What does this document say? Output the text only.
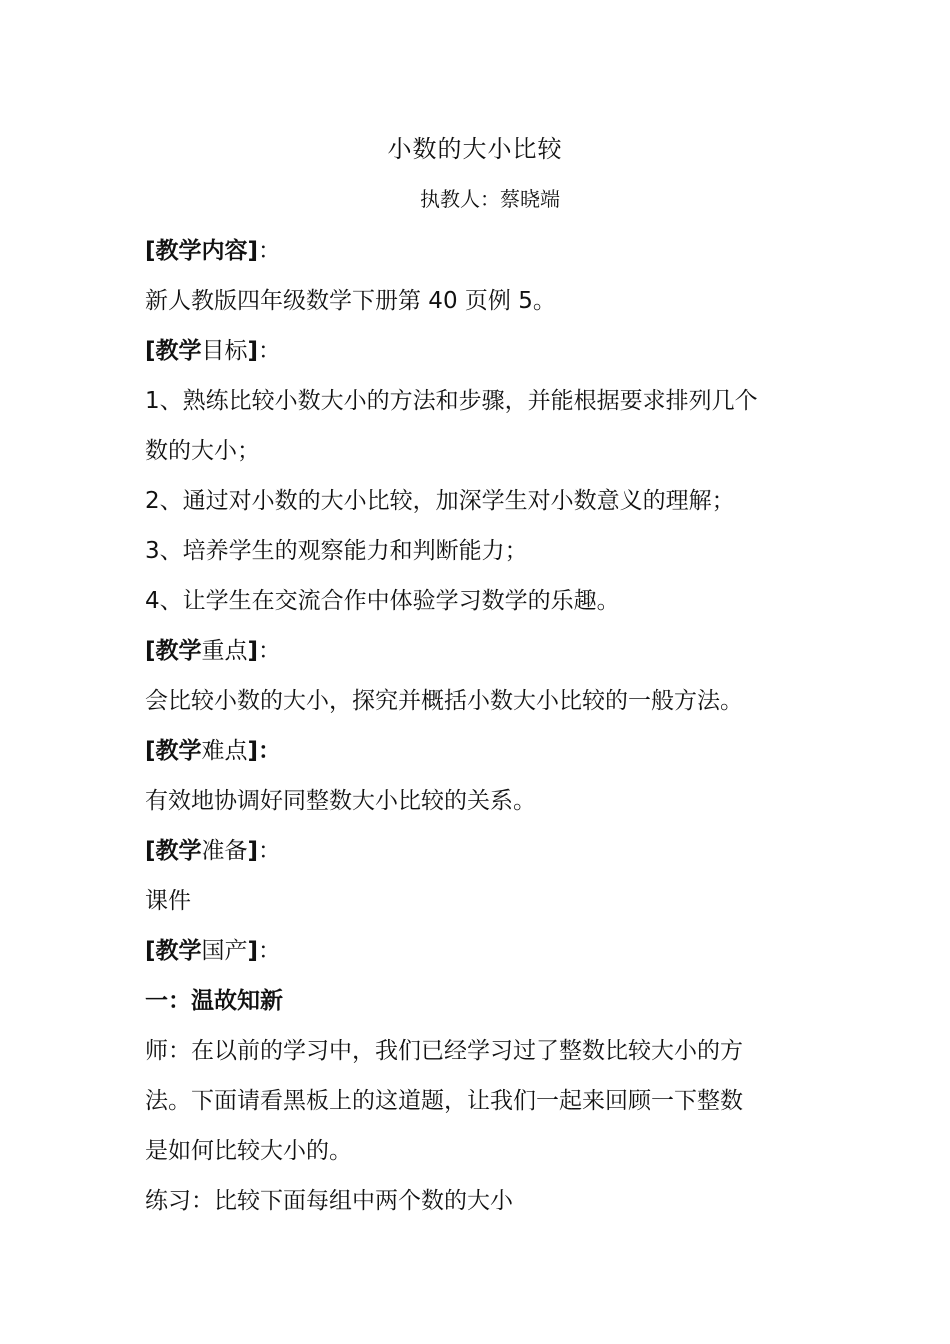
小数的大小比较
执教人：蔡晓端
[教学内容]：
新人教版四年级数学下册第 40 页例 5。
[教学目标]：
1、熟练比较小数大小的方法和步骤，并能根据要求排列几个
数的大小；
2、通过对小数的大小比较，加深学生对小数意义的理解；
3、培养学生的观察能力和判断能力；
4、让学生在交流合作中体验学习数学的乐趣。
[教学重点]：
会比较小数的大小，探究并概括小数大小比较的一般方法。
[教学难点]：
有效地协调好同整数大小比较的关系。
[教学准备]：
课件
[教学国产]：
一：温故知新
师：在以前的学习中，我们已经学习过了整数比较大小的方
法。下面请看黑板上的这道题，让我们一起来回顾一下整数
是如何比较大小的。
练习：比较下面每组中两个数的大小
